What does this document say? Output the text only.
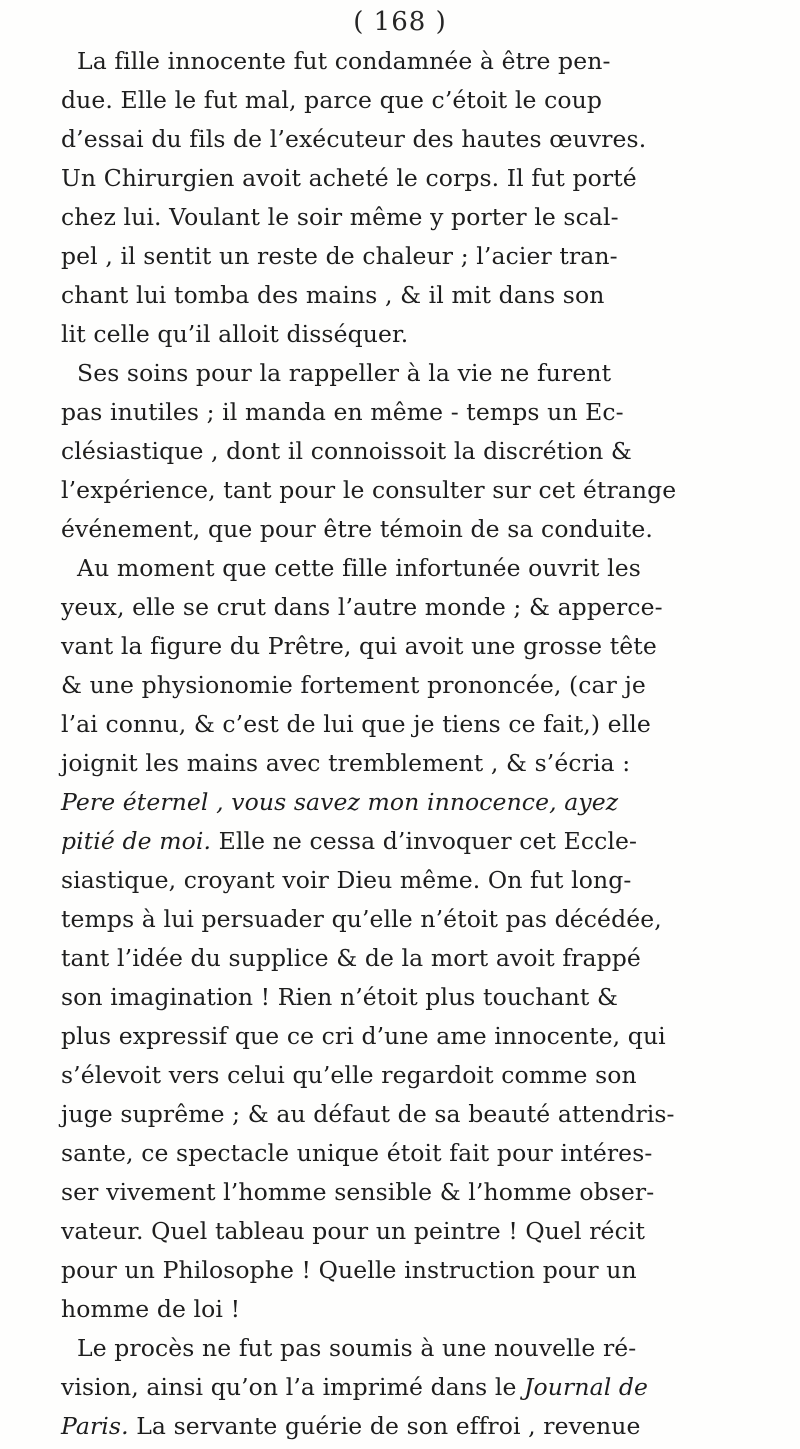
( 168 )
La fille innocente fut condamnée à être pen-
due. Elle le fut mal, parce que c’étoit le coup
d’essai du fils de l’exécuteur des hautes œuvres.
Un Chirurgien avoit acheté le corps. Il fut porté
chez lui. Voulant le soir même y porter le scal-
pel , il sentit un reste de chaleur ; l’acier tran-
chant lui tomba des mains , & il mit dans son
lit celle qu’il alloit disséquer.
Ses soins pour la rappeller à la vie ne furent
pas inutiles ; il manda en même - temps un Ec-
clésiastique , dont il connoissoit la discrétion &
l’expérience, tant pour le consulter sur cet étrange
événement, que pour être témoin de sa conduite.
Au moment que cette fille infortunée ouvrit les
yeux, elle se crut dans l’autre monde ; & apperce-
vant la figure du Prêtre, qui avoit une grosse tête
& une physionomie fortement prononcée, (car je
l’ai connu, & c’est de lui que je tiens ce fait,) elle
joignit les mains avec tremblement , & s’écria :
Pere éternel , vous savez mon innocence, ayez
pitié de moi. Elle ne cessa d’invoquer cet Eccle-
siastique, croyant voir Dieu même. On fut long-
temps à lui persuader qu’elle n’étoit pas décédée,
tant l’idée du supplice & de la mort avoit frappé
son imagination ! Rien n’étoit plus touchant &
plus expressif que ce cri d’une ame innocente, qui
s’élevoit vers celui qu’elle regardoit comme son
juge suprême ; & au défaut de sa beauté attendris-
sante, ce spectacle unique étoit fait pour intéres-
ser vivement l’homme sensible & l’homme obser-
vateur. Quel tableau pour un peintre ! Quel récit
pour un Philosophe ! Quelle instruction pour un
homme de loi !
Le procès ne fut pas soumis à une nouvelle ré-
vision, ainsi qu’on l’a imprimé dans le Journal de
Paris. La servante guérie de son effroi , revenue
